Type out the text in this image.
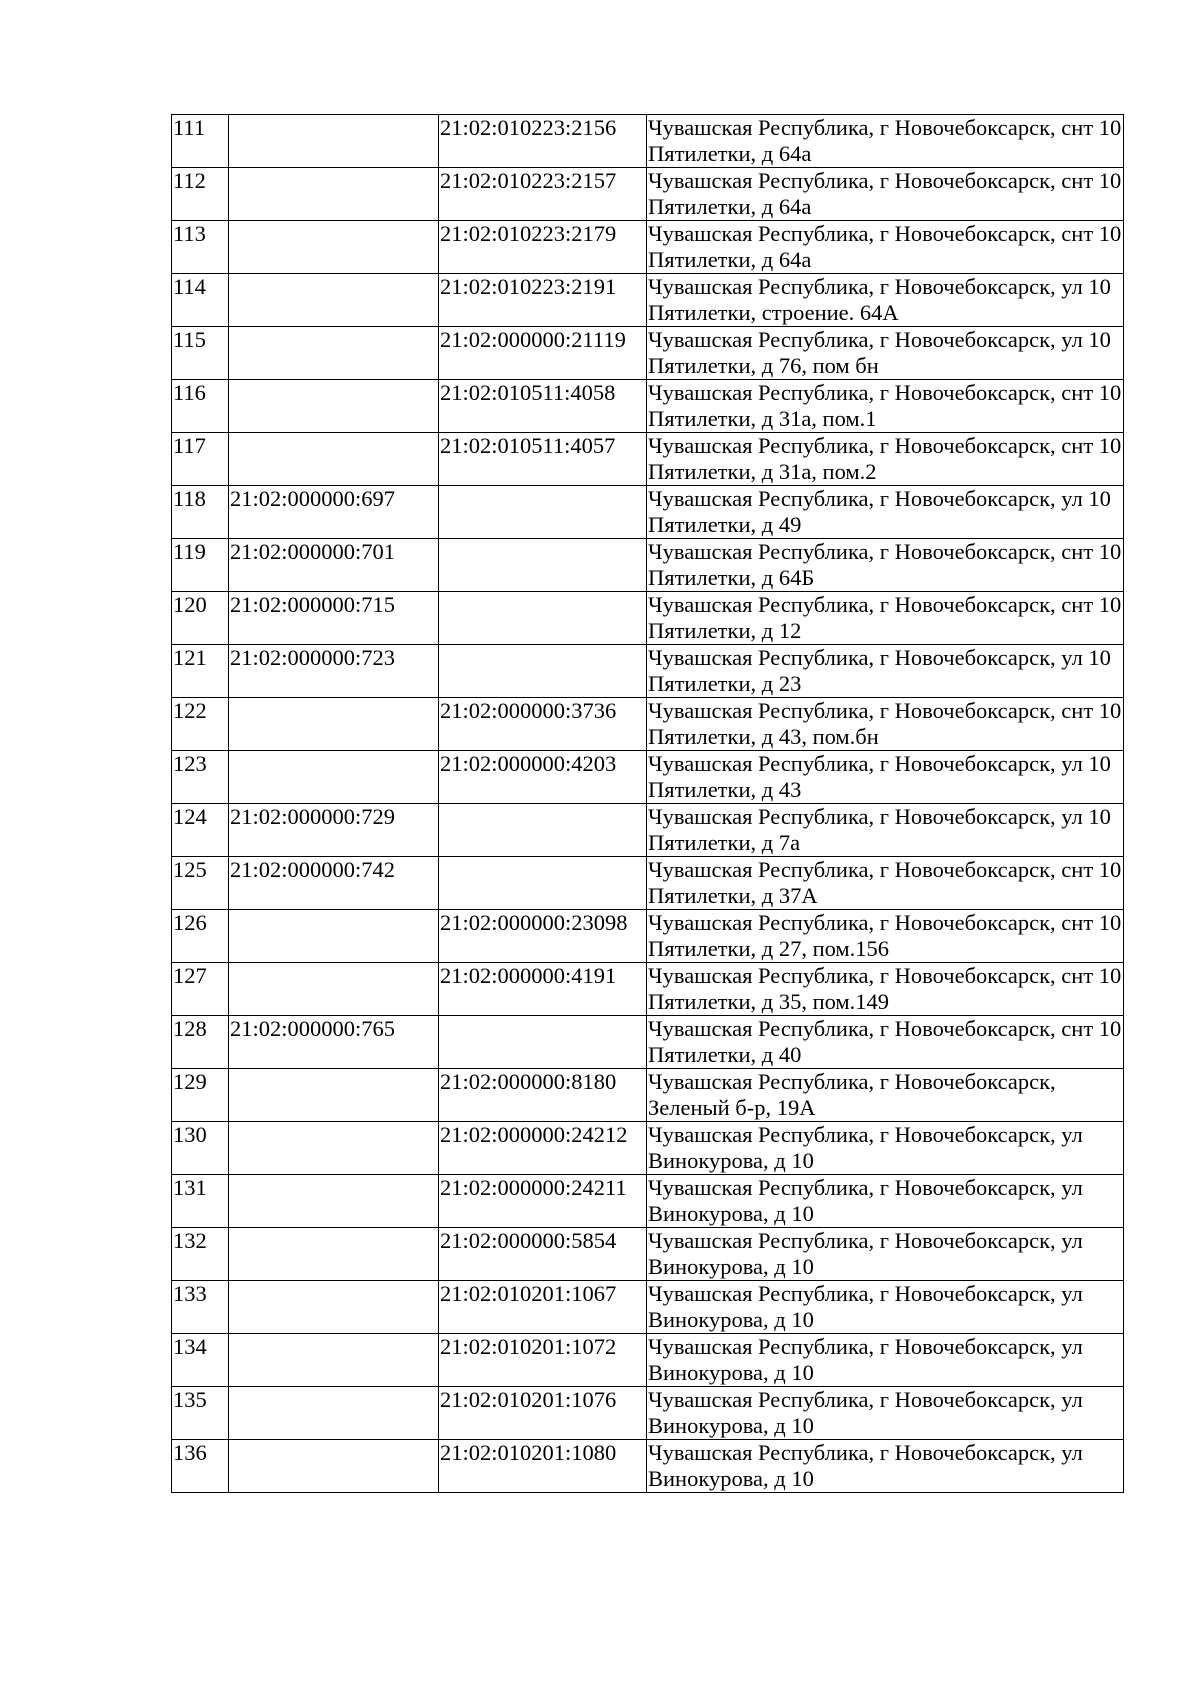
111		21:02:010223:2156	Чувашская Республика, г Новочебоксарск, снт 10 Пятилетки, д 64а
112		21:02:010223:2157	Чувашская Республика, г Новочебоксарск, снт 10 Пятилетки, д 64а
113		21:02:010223:2179	Чувашская Республика, г Новочебоксарск, снт 10 Пятилетки, д 64а
114		21:02:010223:2191	Чувашская Республика, г Новочебоксарск, ул 10 Пятилетки, строение. 64А
115		21:02:000000:21119	Чувашская Республика, г Новочебоксарск, ул 10 Пятилетки, д 76, пом бн
116		21:02:010511:4058	Чувашская Республика, г Новочебоксарск, снт 10 Пятилетки, д 31а, пом.1
117		21:02:010511:4057	Чувашская Республика, г Новочебоксарск, снт 10 Пятилетки, д 31а, пом.2
118	21:02:000000:697		Чувашская Республика, г Новочебоксарск, ул 10 Пятилетки, д 49
119	21:02:000000:701		Чувашская Республика, г Новочебоксарск, снт 10 Пятилетки, д 64Б
120	21:02:000000:715		Чувашская Республика, г Новочебоксарск, снт 10 Пятилетки, д 12
121	21:02:000000:723		Чувашская Республика, г Новочебоксарск, ул 10 Пятилетки, д 23
122		21:02:000000:3736	Чувашская Республика, г Новочебоксарск, снт 10 Пятилетки, д 43, пом.бн
123		21:02:000000:4203	Чувашская Республика, г Новочебоксарск, ул 10 Пятилетки, д 43
124	21:02:000000:729		Чувашская Республика, г Новочебоксарск, ул 10 Пятилетки, д 7а
125	21:02:000000:742		Чувашская Республика, г Новочебоксарск, снт 10 Пятилетки, д 37А
126		21:02:000000:23098	Чувашская Республика, г Новочебоксарск, снт 10 Пятилетки, д 27, пом.156
127		21:02:000000:4191	Чувашская Республика, г Новочебоксарск, снт 10 Пятилетки, д 35, пом.149
128	21:02:000000:765		Чувашская Республика, г Новочебоксарск, снт 10 Пятилетки, д 40
129		21:02:000000:8180	Чувашская Республика, г Новочебоксарск, Зеленый б-р, 19А
130		21:02:000000:24212	Чувашская Республика, г Новочебоксарск, ул Винокурова, д 10
131		21:02:000000:24211	Чувашская Республика, г Новочебоксарск, ул Винокурова, д 10
132		21:02:000000:5854	Чувашская Республика, г Новочебоксарск, ул Винокурова, д 10
133		21:02:010201:1067	Чувашская Республика, г Новочебоксарск, ул Винокурова, д 10
134		21:02:010201:1072	Чувашская Республика, г Новочебоксарск, ул Винокурова, д 10
135		21:02:010201:1076	Чувашская Республика, г Новочебоксарск, ул Винокурова, д 10
136		21:02:010201:1080	Чувашская Республика, г Новочебоксарск, ул Винокурова, д 10
